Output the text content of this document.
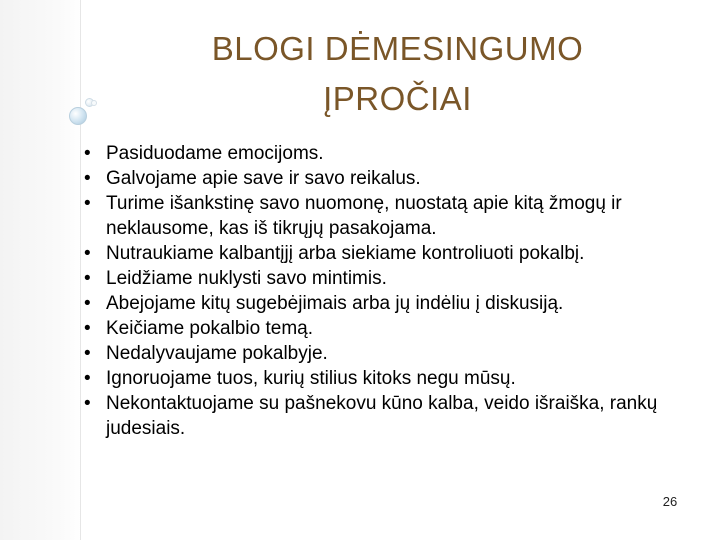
BLOGI DĖMESINGUMO
ĮPROČIAI
• Pasiduodame emocijoms.
• Galvojame apie save ir savo reikalus.
• Turime išankstinę savo nuomonę, nuostatą apie kitą žmogų ir neklausome, kas iš tikrųjų pasakojama.
• Nutraukiame kalbantįjį arba siekiame kontroliuoti pokalbį.
• Leidžiame nuklysti savo mintimis.
• Abejojame kitų sugebėjimais arba jų indėliu į diskusiją.
• Keičiame pokalbio temą.
• Nedalyvaujame pokalbyje.
• Ignoruojame tuos, kurių stilius kitoks negu mūsų.
• Nekontaktuojame su pašnekovu kūno kalba, veido išraiška, rankų judesiais.
26
